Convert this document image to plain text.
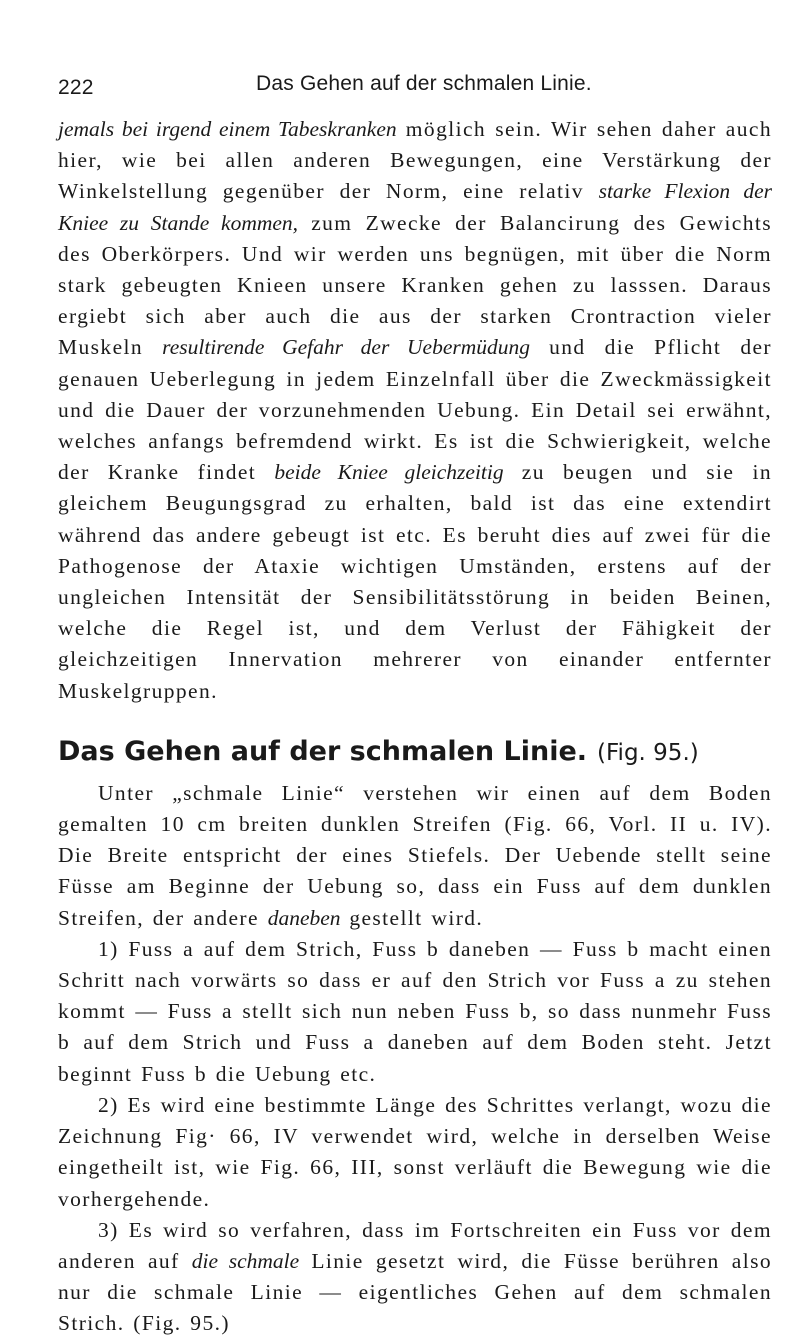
222	Das Gehen auf der schmalen Linie.

jemals bei irgend einem Tabeskranken möglich sein. Wir sehen daher auch hier, wie bei allen anderen Bewegungen, eine Verstärkung der Winkelstellung gegenüber der Norm, eine relativ starke Flexion der Kniee zu Stande kommen, zum Zwecke der Balancirung des Gewichts des Oberkörpers. Und wir werden uns begnügen, mit über die Norm stark gebeugten Knieen unsere Kranken gehen zu lasssen. Daraus ergiebt sich aber auch die aus der starken Crontraction vieler Muskeln resultirende Gefahr der Uebermüdung und die Pflicht der genauen Ueberlegung in jedem Einzelnfall über die Zweckmässigkeit und die Dauer der vorzunehmenden Uebung. Ein Detail sei erwähnt, welches anfangs befremdend wirkt. Es ist die Schwierigkeit, welche der Kranke findet beide Kniee gleichzeitig zu beugen und sie in gleichem Beugungsgrad zu erhalten, bald ist das eine extendirt während das andere gebeugt ist etc. Es beruht dies auf zwei für die Pathogenose der Ataxie wichtigen Umständen, erstens auf der ungleichen Intensität der Sensibilitätsstörung in beiden Beinen, welche die Regel ist, und dem Verlust der Fähigkeit der gleichzeitigen Innervation mehrerer von einander entfernter Muskelgruppen.

Das Gehen auf der schmalen Linie. (Fig. 95.)

Unter „schmale Linie“ verstehen wir einen auf dem Boden gemalten 10 cm breiten dunklen Streifen (Fig. 66, Vorl. II u. IV). Die Breite entspricht der eines Stiefels. Der Uebende stellt seine Füsse am Beginne der Uebung so, dass ein Fuss auf dem dunklen Streifen, der andere daneben gestellt wird.

1) Fuss a auf dem Strich, Fuss b daneben — Fuss b macht einen Schritt nach vorwärts so dass er auf den Strich vor Fuss a zu stehen kommt — Fuss a stellt sich nun neben Fuss b, so dass nunmehr Fuss b auf dem Strich und Fuss a daneben auf dem Boden steht. Jetzt beginnt Fuss b die Uebung etc.

2) Es wird eine bestimmte Länge des Schrittes verlangt, wozu die Zeichnung Fig· 66, IV verwendet wird, welche in derselben Weise eingetheilt ist, wie Fig. 66, III, sonst verläuft die Bewegung wie die vorhergehende.

3) Es wird so verfahren, dass im Fortschreiten ein Fuss vor dem anderen auf die schmale Linie gesetzt wird, die Füsse berühren also nur die schmale Linie — eigentliches Gehen auf dem schmalen Strich. (Fig. 95.)
